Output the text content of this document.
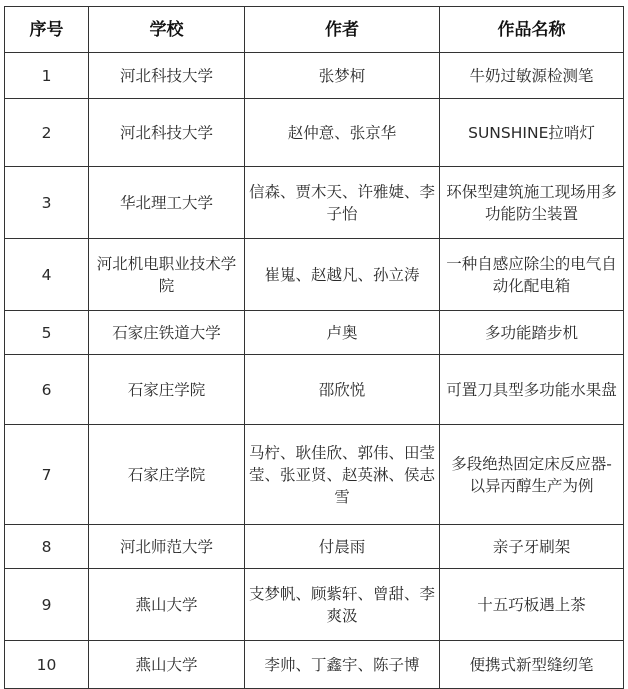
序号	学校	作者	作品名称
1	河北科技大学	张梦柯	牛奶过敏源检测笔
2	河北科技大学	赵仲意、张京华	SUNSHINE拉哨灯
3	华北理工大学	信森、贾木天、许雅婕、李子怡	环保型建筑施工现场用多功能防尘装置
4	河北机电职业技术学院	崔嵬、赵越凡、孙立涛	一种自感应除尘的电气自动化配电箱
5	石家庄铁道大学	卢奥	多功能踏步机
6	石家庄学院	邵欣悦	可置刀具型多功能水果盘
7	石家庄学院	马柠、耿佳欣、郭伟、田莹莹、张亚贤、赵英淋、侯志雪	多段绝热固定床反应器-以异丙醇生产为例
8	河北师范大学	付晨雨	亲子牙刷架
9	燕山大学	支梦帆、顾紫轩、曾甜、李爽汲	十五巧板遇上茶
10	燕山大学	李帅、丁鑫宇、陈子博	便携式新型缝纫笔
